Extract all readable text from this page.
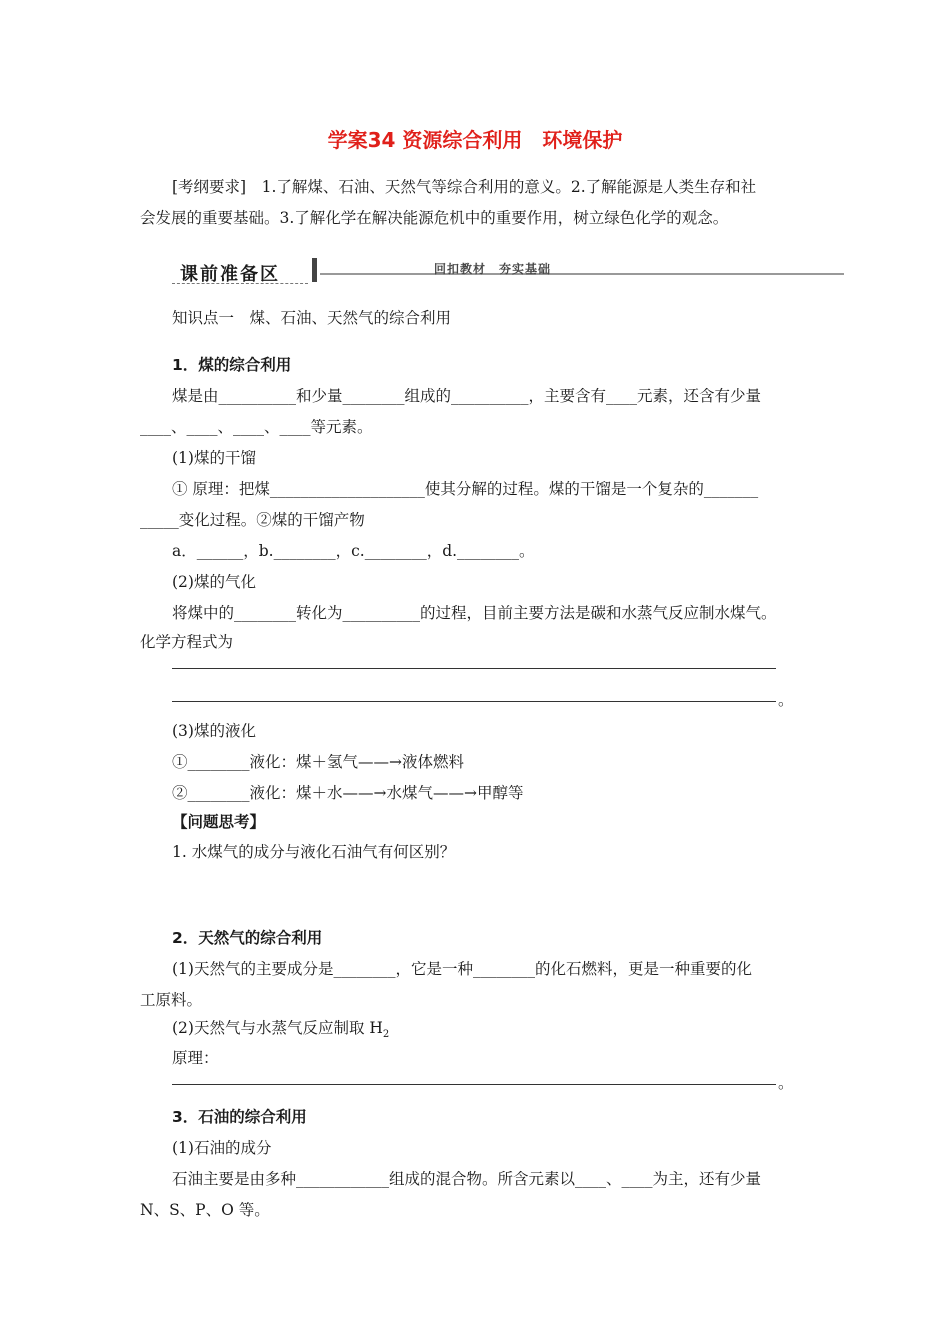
学案34 资源综合利用　环境保护
[考纲要求]　1.了解煤、石油、天然气等综合利用的意义。2.了解能源是人类生存和社
会发展的重要基础。3.了解化学在解决能源危机中的重要作用，树立绿色化学的观念。
课前准备区	回扣教材　夯实基础
知识点一　煤、石油、天然气的综合利用
1．煤的综合利用
煤是由__________和少量________组成的__________，主要含有____元素，还含有少量
____、____、____、____等元素。
(1)煤的干馏
① 原理：把煤____________________使其分解的过程。煤的干馏是一个复杂的_______
_____变化过程。②煤的干馏产物
a．______，b.________，c.________，d.________。
(2)煤的气化
将煤中的________转化为__________的过程，目前主要方法是碳和水蒸气反应制水煤气。
化学方程式为
。
(3)煤的液化
①________液化：煤＋氢气——→液体燃料
②________液化：煤＋水——→水煤气——→甲醇等
【问题思考】
1. 水煤气的成分与液化石油气有何区别？
2．天然气的综合利用
(1)天然气的主要成分是________，它是一种________的化石燃料，更是一种重要的化
工原料。
(2)天然气与水蒸气反应制取 $H_2$
原理：
。
3．石油的综合利用
(1)石油的成分
石油主要是由多种____________组成的混合物。所含元素以____、____为主，还有少量
N、S、P、O 等。
